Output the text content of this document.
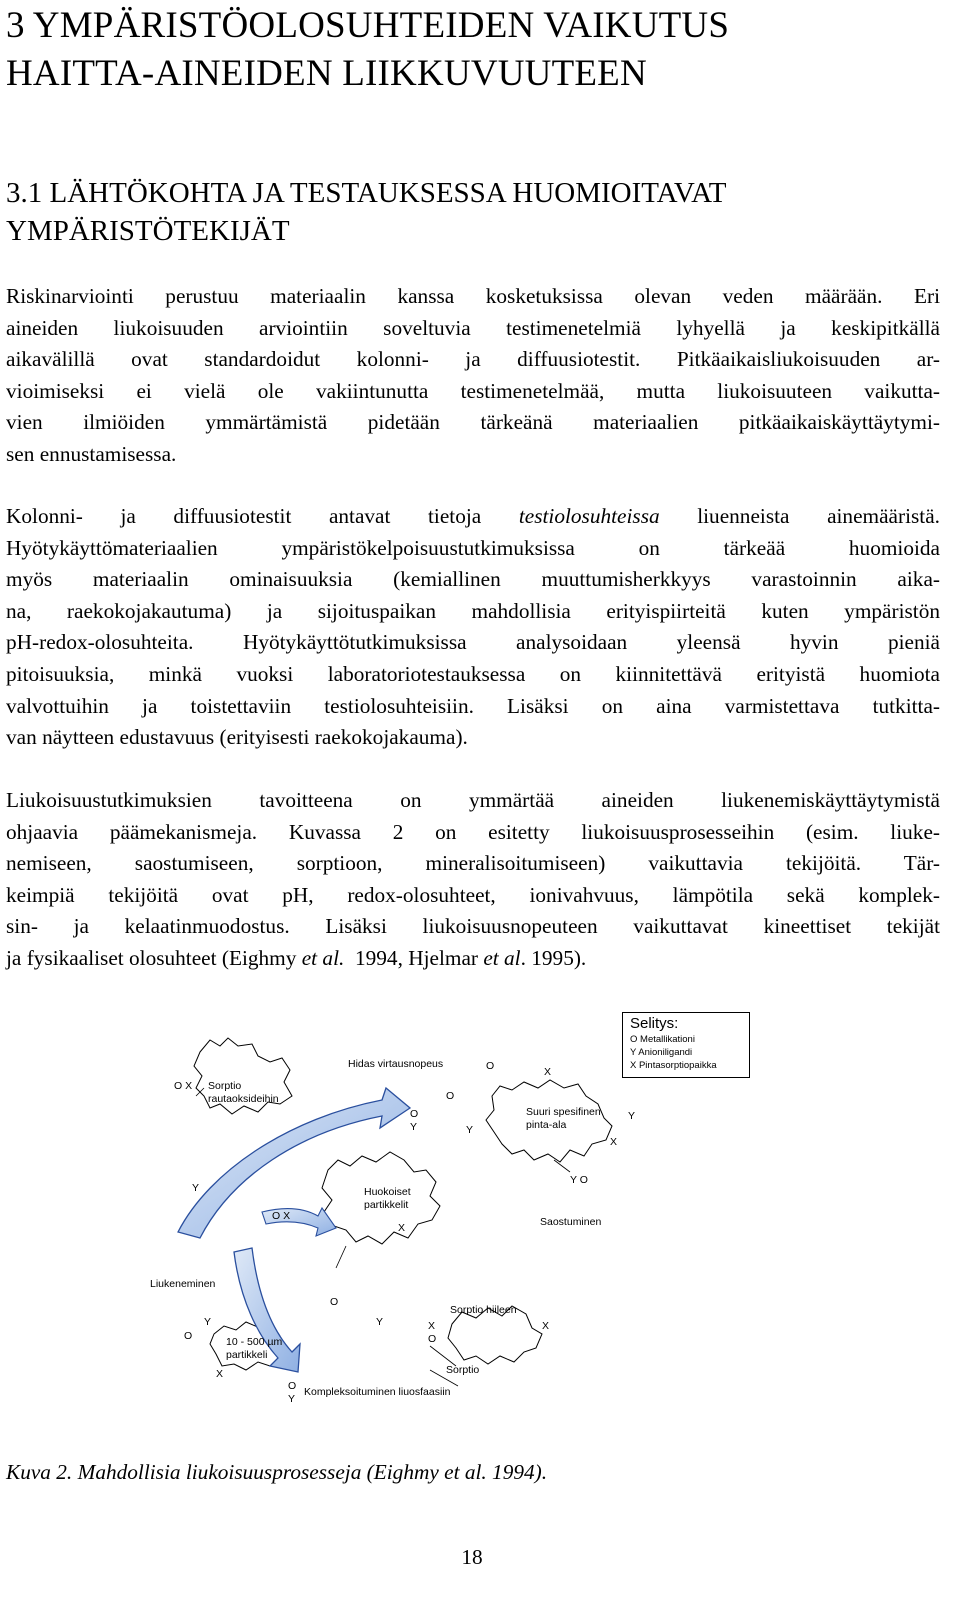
3 YMPÄRISTÖOLOSUHTEIDEN VAIKUTUS
HAITTA-AINEIDEN LIIKKUVUUTEEN
3.1 LÄHTÖKOHTA JA TESTAUKSESSA HUOMIOITAVAT
YMPÄRISTÖTEKIJÄT
Riskinarviointi perustuu materiaalin kanssa kosketuksissa olevan veden määrään. Eri
aineiden liukoisuuden arviointiin soveltuvia testimenetelmiä lyhyellä ja keskipitkällä
aikavälillä ovat standardoidut kolonni- ja diffuusiotestit. Pitkäaikaisliukoisuuden ar-
vioimiseksi ei vielä ole vakiintunutta testimenetelmää, mutta liukoisuuteen vaikutta-
vien ilmiöiden ymmärtämistä pidetään tärkeänä materiaalien pitkäaikaiskäyttäytymi-
sen ennustamisessa.
Kolonni- ja diffuusiotestit antavat tietoja testiolosuhteissa liuenneista ainemääristä.
Hyötykäyttömateriaalien ympäristökelpoisuustutkimuksissa on tärkeää huomioida
myös materiaalin ominaisuuksia (kemiallinen muuttumisherkkyys varastoinnin aika-
na, raekokojakautuma) ja sijoituspaikan mahdollisia erityispiirteitä kuten ympäristön
pH-redox-olosuhteita. Hyötykäyttötutkimuksissa analysoidaan yleensä hyvin pieniä
pitoisuuksia, minkä vuoksi laboratoriotestauksessa on kiinnitettävä erityistä huomiota
valvottuihin ja toistettaviin testiolosuhteisiin. Lisäksi on aina varmistettava tutkitta-
van näytteen edustavuus (erityisesti raekokojakauma).
Liukoisuustutkimuksien tavoitteena on ymmärtää aineiden liukenemiskäyttäytymistä
ohjaavia päämekanismeja. Kuvassa 2 on esitetty liukoisuusprosesseihin (esim. liuke-
nemiseen, saostumiseen, sorptioon, mineralisoitumiseen) vaikuttavia tekijöitä. Tär-
keimpiä tekijöitä ovat pH, redox-olosuhteet, ionivahvuus, lämpötila sekä komplek-
sin- ja kelaatinmuodostus. Lisäksi liukoisuusnopeuteen vaikuttavat kineettiset tekijät
ja fysikaaliset olosuhteet (Eighmy et al.  1994, Hjelmar et al. 1995).
Selitys:
O Metallikationi
Y Anioniligandi
X Pintasorptiopaikka
Hidas virtausnopeus
O X Sorptio
rautaoksideihin
O
Y
O
Y
O	X
Suuri spesifinen
pinta-ala
Y
X
Y
O X
Huokoiset
partikkelit
X
Y O
Saostuminen
Liukeneminen
Y
O	10 - 500 µm
partikkeli
X
O
Y
Sorptio hiileen
X
O
X
Sorptio
O
Y
Kompleksoituminen liuosfaasiin

Kuva 2. Mahdollisia liukoisuusprosesseja (Eighmy et al. 1994).

18
